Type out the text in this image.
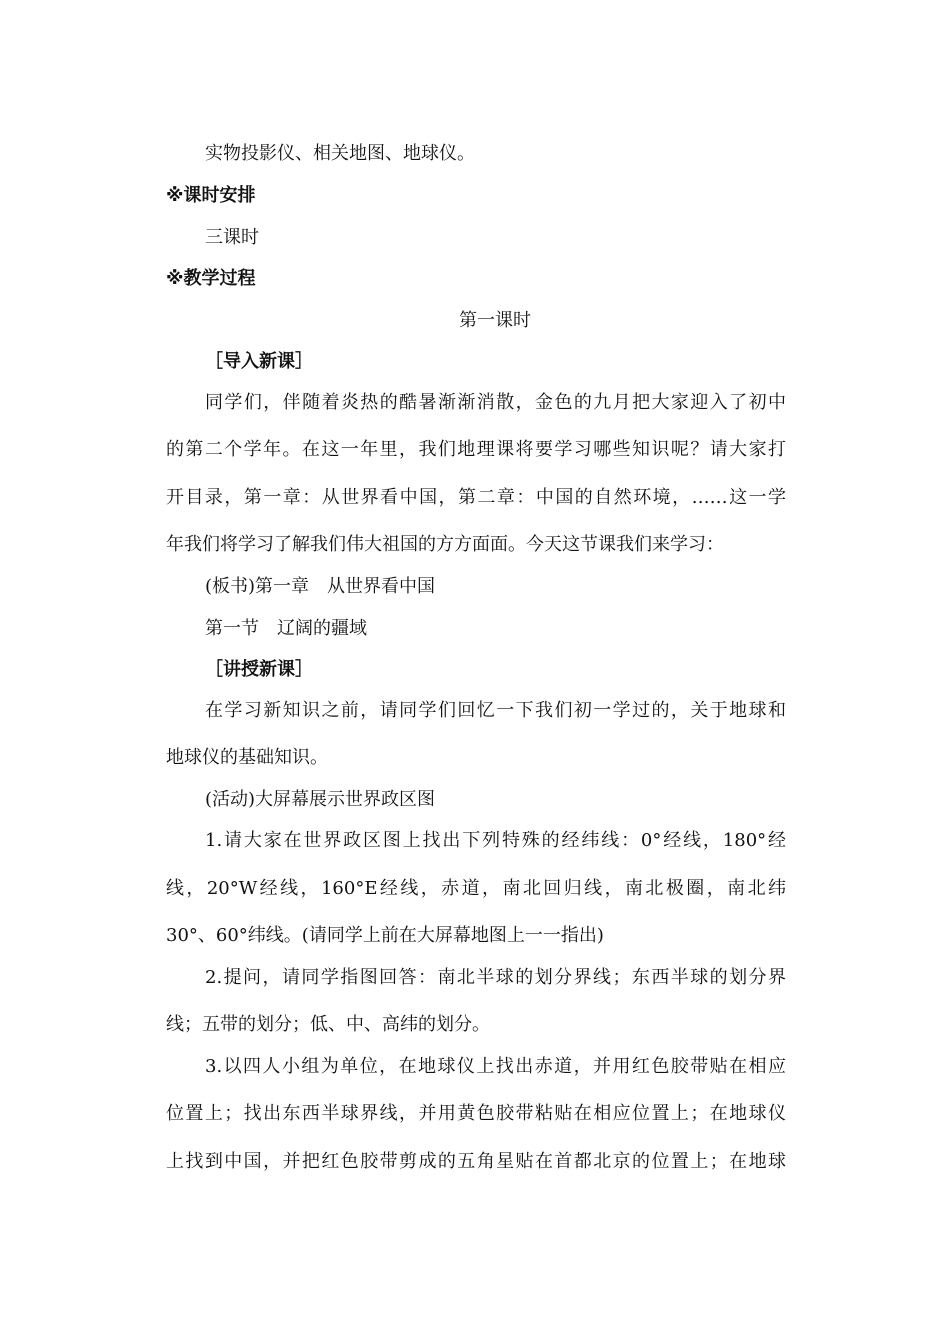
实物投影仪、相关地图、地球仪。
※课时安排
三课时
※教学过程
第一课时
［导入新课］
同学们，伴随着炎热的酷暑渐渐消散，金色的九月把大家迎入了初中
的第二个学年。在这一年里，我们地理课将要学习哪些知识呢？请大家打
开目录，第一章：从世界看中国，第二章：中国的自然环境，……这一学
年我们将学习了解我们伟大祖国的方方面面。今天这节课我们来学习：
(板书)第一章　从世界看中国
第一节　辽阔的疆域
［讲授新课］
在学习新知识之前，请同学们回忆一下我们初一学过的，关于地球和
地球仪的基础知识。
(活动)大屏幕展示世界政区图
1.请大家在世界政区图上找出下列特殊的经纬线：0°经线，180°经
线，20°W经线，160°E经线，赤道，南北回归线，南北极圈，南北纬
30°、60°纬线。(请同学上前在大屏幕地图上一一指出)
2.提问，请同学指图回答：南北半球的划分界线；东西半球的划分界
线；五带的划分；低、中、高纬的划分。
3.以四人小组为单位，在地球仪上找出赤道，并用红色胶带贴在相应
位置上；找出东西半球界线，并用黄色胶带粘贴在相应位置上；在地球仪
上找到中国，并把红色胶带剪成的五角星贴在首都北京的位置上；在地球
